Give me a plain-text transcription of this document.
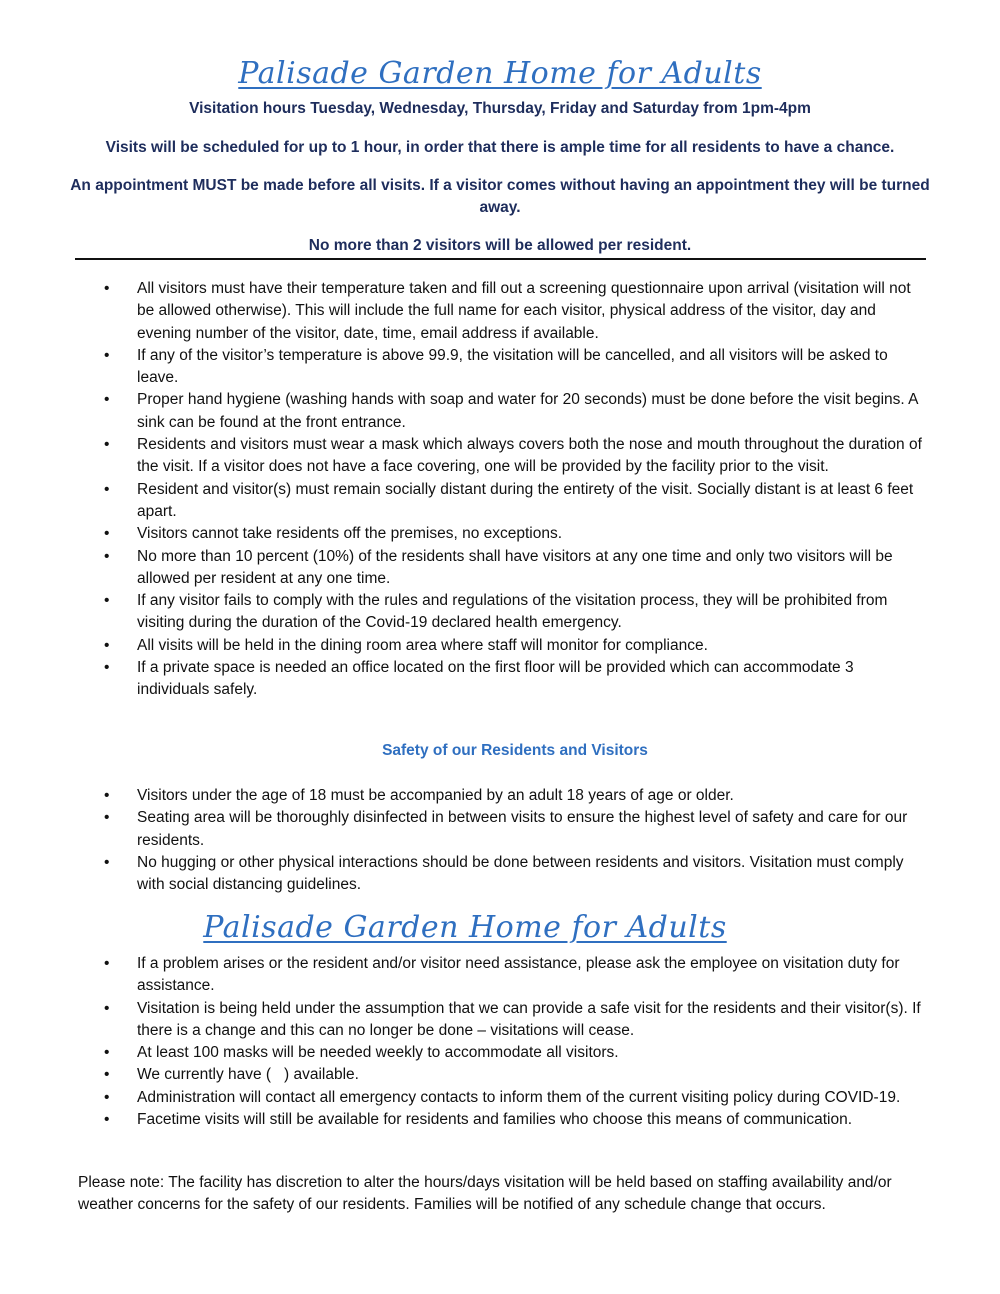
Palisade Garden Home for Adults
Visitation hours Tuesday, Wednesday, Thursday, Friday and Saturday from 1pm-4pm
Visits will be scheduled for up to 1 hour, in order that there is ample time for all residents to have a chance.
An appointment MUST be made before all visits. If a visitor comes without having an appointment they will be turned away.
No more than 2 visitors will be allowed per resident.
• All visitors must have their temperature taken and fill out a screening questionnaire upon arrival (visitation will not be allowed otherwise). This will include the full name for each visitor, physical address of the visitor, day and evening number of the visitor, date, time, email address if available.
• If any of the visitor’s temperature is above 99.9, the visitation will be cancelled, and all visitors will be asked to leave.
• Proper hand hygiene (washing hands with soap and water for 20 seconds) must be done before the visit begins. A sink can be found at the front entrance.
• Residents and visitors must wear a mask which always covers both the nose and mouth throughout the duration of the visit. If a visitor does not have a face covering, one will be provided by the facility prior to the visit.
• Resident and visitor(s) must remain socially distant during the entirety of the visit. Socially distant is at least 6 feet apart.
• Visitors cannot take residents off the premises, no exceptions.
• No more than 10 percent (10%) of the residents shall have visitors at any one time and only two visitors will be allowed per resident at any one time.
• If any visitor fails to comply with the rules and regulations of the visitation process, they will be prohibited from visiting during the duration of the Covid-19 declared health emergency.
• All visits will be held in the dining room area where staff will monitor for compliance.
• If a private space is needed an office located on the first floor will be provided which can accommodate 3 individuals safely.
Safety of our Residents and Visitors
• Visitors under the age of 18 must be accompanied by an adult 18 years of age or older.
• Seating area will be thoroughly disinfected in between visits to ensure the highest level of safety and care for our residents.
• No hugging or other physical interactions should be done between residents and visitors. Visitation must comply with social distancing guidelines.
Palisade Garden Home for Adults
• If a problem arises or the resident and/or visitor need assistance, please ask the employee on visitation duty for assistance.
• Visitation is being held under the assumption that we can provide a safe visit for the residents and their visitor(s). If there is a change and this can no longer be done – visitations will cease.
• At least 100 masks will be needed weekly to accommodate all visitors.
• We currently have (   ) available.
• Administration will contact all emergency contacts to inform them of the current visiting policy during COVID-19.
• Facetime visits will still be available for residents and families who choose this means of communication.
Please note: The facility has discretion to alter the hours/days visitation will be held based on staffing availability and/or weather concerns for the safety of our residents. Families will be notified of any schedule change that occurs.
